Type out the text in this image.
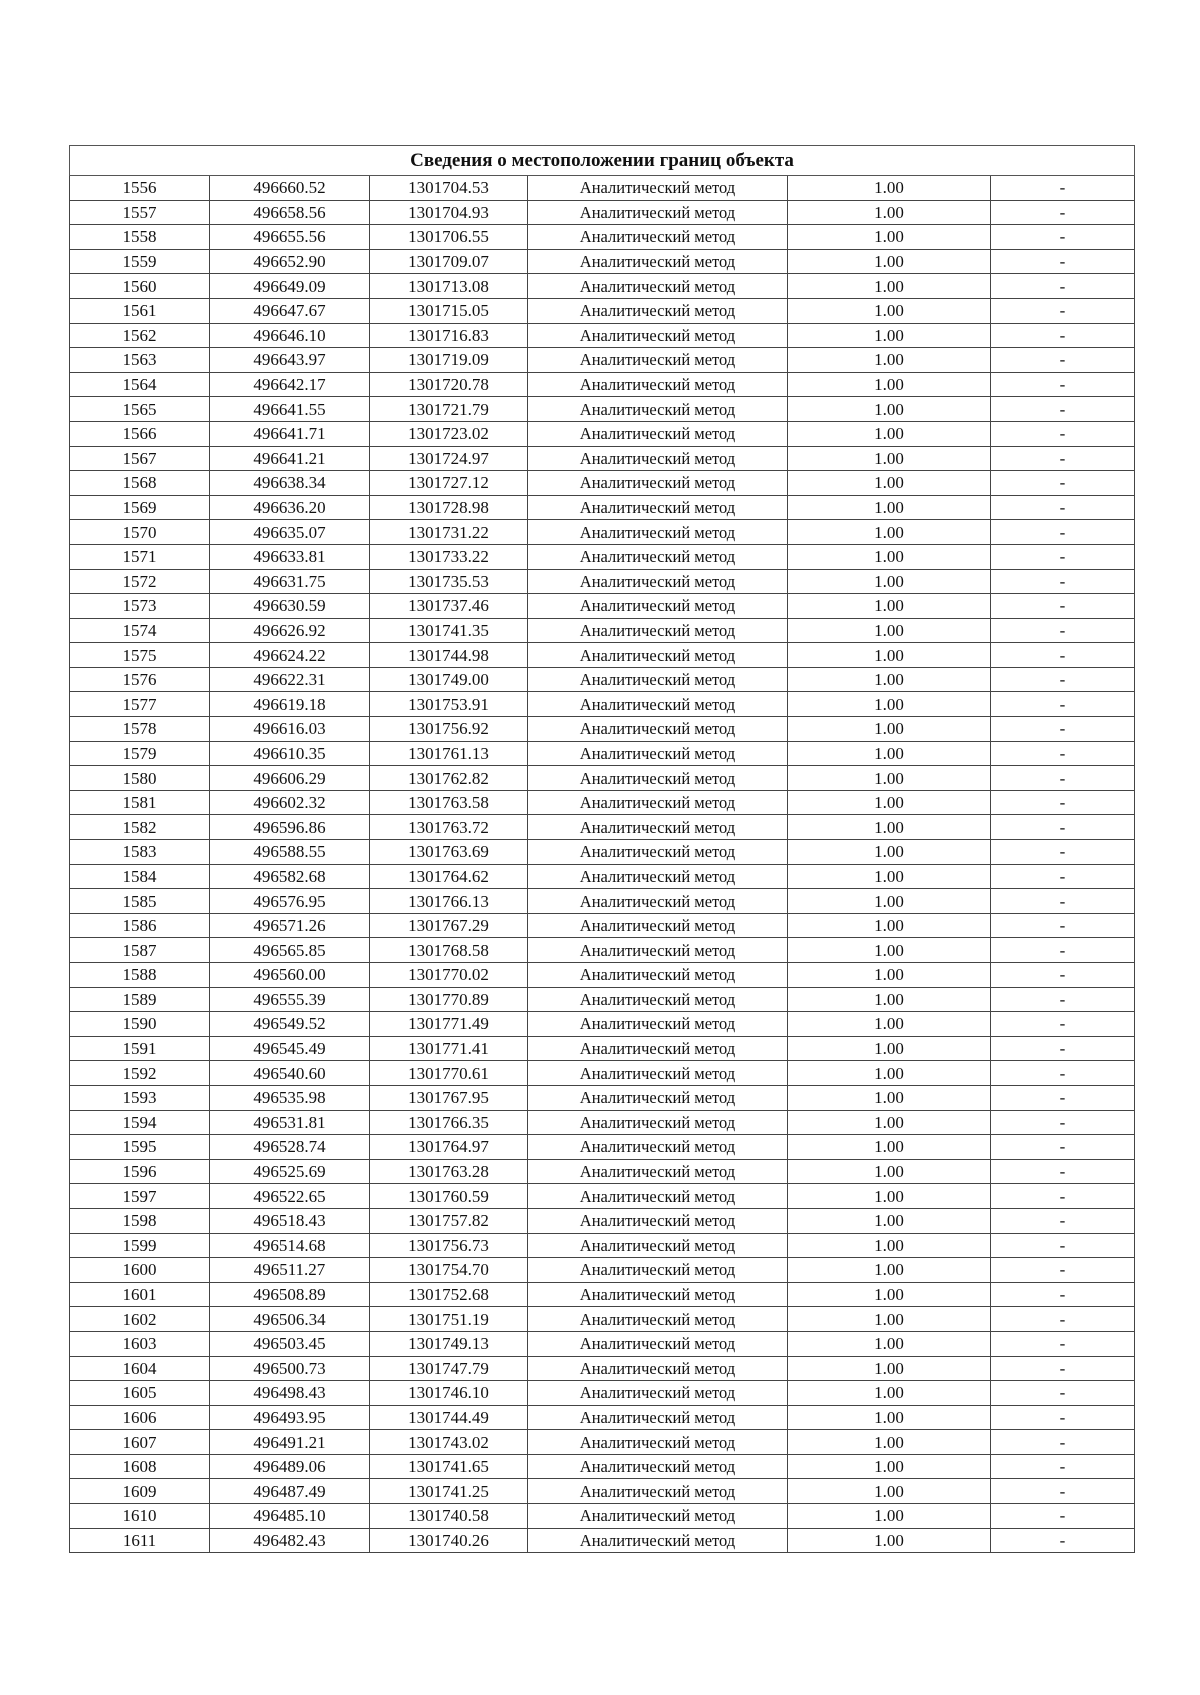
Сведения о местоположении границ объекта					
1556	496660.52	1301704.53	Аналитический метод	1.00	-
1557	496658.56	1301704.93	Аналитический метод	1.00	-
1558	496655.56	1301706.55	Аналитический метод	1.00	-
1559	496652.90	1301709.07	Аналитический метод	1.00	-
1560	496649.09	1301713.08	Аналитический метод	1.00	-
1561	496647.67	1301715.05	Аналитический метод	1.00	-
1562	496646.10	1301716.83	Аналитический метод	1.00	-
1563	496643.97	1301719.09	Аналитический метод	1.00	-
1564	496642.17	1301720.78	Аналитический метод	1.00	-
1565	496641.55	1301721.79	Аналитический метод	1.00	-
1566	496641.71	1301723.02	Аналитический метод	1.00	-
1567	496641.21	1301724.97	Аналитический метод	1.00	-
1568	496638.34	1301727.12	Аналитический метод	1.00	-
1569	496636.20	1301728.98	Аналитический метод	1.00	-
1570	496635.07	1301731.22	Аналитический метод	1.00	-
1571	496633.81	1301733.22	Аналитический метод	1.00	-
1572	496631.75	1301735.53	Аналитический метод	1.00	-
1573	496630.59	1301737.46	Аналитический метод	1.00	-
1574	496626.92	1301741.35	Аналитический метод	1.00	-
1575	496624.22	1301744.98	Аналитический метод	1.00	-
1576	496622.31	1301749.00	Аналитический метод	1.00	-
1577	496619.18	1301753.91	Аналитический метод	1.00	-
1578	496616.03	1301756.92	Аналитический метод	1.00	-
1579	496610.35	1301761.13	Аналитический метод	1.00	-
1580	496606.29	1301762.82	Аналитический метод	1.00	-
1581	496602.32	1301763.58	Аналитический метод	1.00	-
1582	496596.86	1301763.72	Аналитический метод	1.00	-
1583	496588.55	1301763.69	Аналитический метод	1.00	-
1584	496582.68	1301764.62	Аналитический метод	1.00	-
1585	496576.95	1301766.13	Аналитический метод	1.00	-
1586	496571.26	1301767.29	Аналитический метод	1.00	-
1587	496565.85	1301768.58	Аналитический метод	1.00	-
1588	496560.00	1301770.02	Аналитический метод	1.00	-
1589	496555.39	1301770.89	Аналитический метод	1.00	-
1590	496549.52	1301771.49	Аналитический метод	1.00	-
1591	496545.49	1301771.41	Аналитический метод	1.00	-
1592	496540.60	1301770.61	Аналитический метод	1.00	-
1593	496535.98	1301767.95	Аналитический метод	1.00	-
1594	496531.81	1301766.35	Аналитический метод	1.00	-
1595	496528.74	1301764.97	Аналитический метод	1.00	-
1596	496525.69	1301763.28	Аналитический метод	1.00	-
1597	496522.65	1301760.59	Аналитический метод	1.00	-
1598	496518.43	1301757.82	Аналитический метод	1.00	-
1599	496514.68	1301756.73	Аналитический метод	1.00	-
1600	496511.27	1301754.70	Аналитический метод	1.00	-
1601	496508.89	1301752.68	Аналитический метод	1.00	-
1602	496506.34	1301751.19	Аналитический метод	1.00	-
1603	496503.45	1301749.13	Аналитический метод	1.00	-
1604	496500.73	1301747.79	Аналитический метод	1.00	-
1605	496498.43	1301746.10	Аналитический метод	1.00	-
1606	496493.95	1301744.49	Аналитический метод	1.00	-
1607	496491.21	1301743.02	Аналитический метод	1.00	-
1608	496489.06	1301741.65	Аналитический метод	1.00	-
1609	496487.49	1301741.25	Аналитический метод	1.00	-
1610	496485.10	1301740.58	Аналитический метод	1.00	-
1611	496482.43	1301740.26	Аналитический метод	1.00	-
